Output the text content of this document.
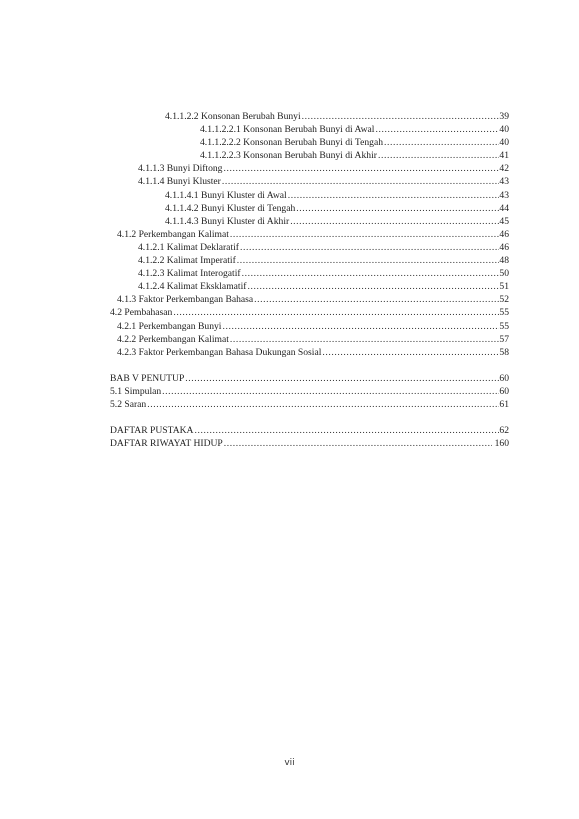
4.1.1.2.2 Konsonan Berubah Bunyi .....	39
4.1.1.2.2.1 Konsonan Berubah Bunyi di Awal .....	40
4.1.1.2.2.2 Konsonan Berubah Bunyi di Tengah .....	40
4.1.1.2.2.3 Konsonan Berubah Bunyi di Akhir .....	41
4.1.1.3 Bunyi Diftong .....	42
4.1.1.4 Bunyi Kluster .....	43
4.1.1.4.1 Bunyi Kluster di Awal .....	43
4.1.1.4.2 Bunyi Kluster di Tengah .....	44
4.1.1.4.3 Bunyi Kluster di Akhir .....	45
4.1.2 Perkembangan Kalimat .....	46
4.1.2.1 Kalimat Deklaratif .....	46
4.1.2.2 Kalimat Imperatif .....	48
4.1.2.3 Kalimat Interogatif .....	50
4.1.2.4 Kalimat Eksklamatif .....	51
4.1.3 Faktor Perkembangan Bahasa .....	52
4.2 Pembahasan .....	55
4.2.1 Perkembangan Bunyi .....	55
4.2.2 Perkembangan Kalimat .....	57
4.2.3 Faktor Perkembangan Bahasa Dukungan Sosial .....	58
BAB V PENUTUP .....	60
5.1 Simpulan .....	60
5.2 Saran .....	61
DAFTAR PUSTAKA .....	62
DAFTAR RIWAYAT HIDUP .....	160
vii
